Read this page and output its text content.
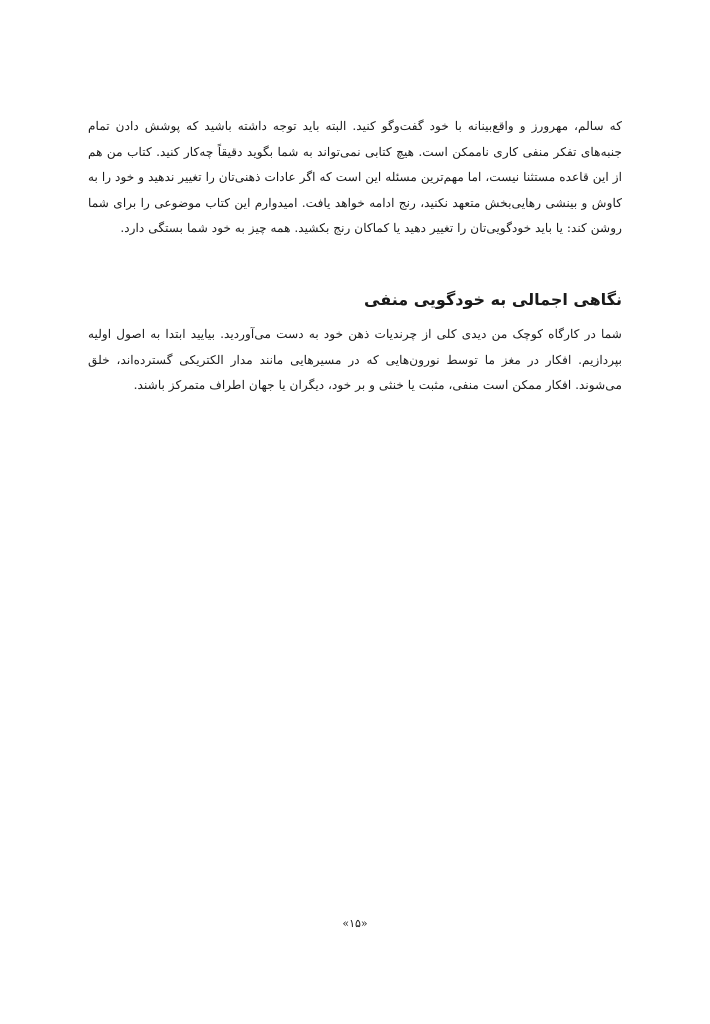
که سالم، مهرورز و واقع‌بینانه با خود گفت‌وگو کنید. البته باید توجه داشته باشید که پوشش دادن تمام جنبه‌های تفکر منفی کاری ناممکن است. هیچ کتابی نمی‌تواند به شما بگوید دقیقاً چه‌کار کنید. کتاب من هم از این قاعده مستثنا نیست، اما مهم‌ترین مسئله این است که اگر عادات ذهنی‌تان را تغییر ندهید و خود را به کاوش و بینشی رهایی‌بخش متعهد نکنید، رنج ادامه خواهد یافت. امیدوارم این کتاب موضوعی را برای شما روشن کند: یا باید خودگویی‌تان را تغییر دهید یا کماکان رنج بکشید. همه چیز به خود شما بستگی دارد.

نگاهی اجمالی به خودگویی منفی

شما در کارگاه کوچک من دیدی کلی از چرندیات ذهن خود به دست می‌آوردید. بیایید ابتدا به اصول اولیه بپردازیم. افکار در مغز ما توسط نورون‌هایی که در مسیرهایی مانند مدار الکتریکی گسترده‌اند، خلق می‌شوند. افکار ممکن است منفی، مثبت یا خنثی و بر خود، دیگران یا جهان اطراف متمرکز باشند.

«۱۵»
